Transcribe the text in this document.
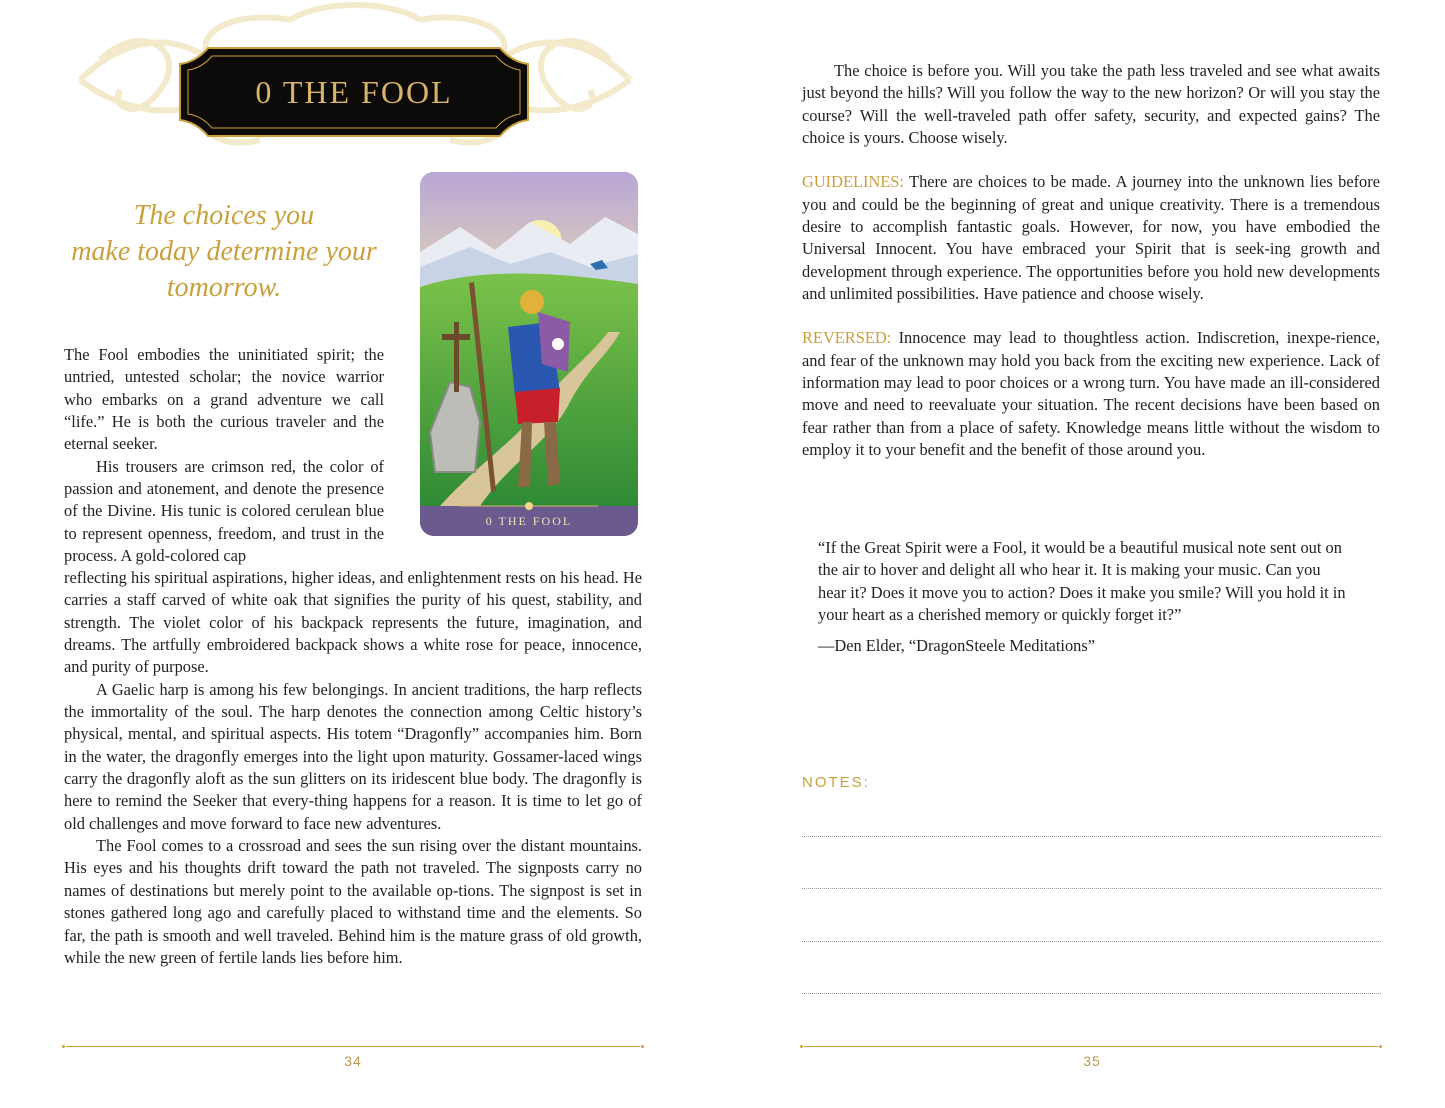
0 THE FOOL
The choices you
make today determine your
tomorrow.
0 THE FOOL

The Fool embodies the uninitiated spirit; the untried, untested scholar; the novice warrior who embarks on a grand adventure we call “life.” He is both the curious traveler and the eternal seeker.

His trousers are crimson red, the color of passion and atonement, and denote the presence of the Divine. His tunic is colored cerulean blue to represent openness, freedom, and trust in the process. A gold-colored cap

reflecting his spiritual aspirations, higher ideas, and enlightenment rests on his head. He carries a staff carved of white oak that signifies the purity of his quest, stability, and strength. The violet color of his backpack represents the future, imagination, and dreams. The artfully embroidered backpack shows a white rose for peace, innocence, and purity of purpose.

A Gaelic harp is among his few belongings. In ancient traditions, the harp reflects the immortality of the soul. The harp denotes the connection among Celtic history’s physical, mental, and spiritual aspects. His totem “Dragonfly” accompanies him. Born in the water, the dragonfly emerges into the light upon maturity. Gossamer-laced wings carry the dragonfly aloft as the sun glitters on its iridescent blue body. The dragonfly is here to remind the Seeker that every-thing happens for a reason. It is time to let go of old challenges and move forward to face new adventures.

The Fool comes to a crossroad and sees the sun rising over the distant mountains. His eyes and his thoughts drift toward the path not traveled. The signposts carry no names of destinations but merely point to the available op-tions. The signpost is set in stones gathered long ago and carefully placed to withstand time and the elements. So far, the path is smooth and well traveled. Behind him is the mature grass of old growth, while the new green of fertile lands lies before him.

34

The choice is before you. Will you take the path less traveled and see what awaits just beyond the hills? Will you follow the way to the new horizon? Or will you stay the course? Will the well-traveled path offer safety, security, and expected gains? The choice is yours. Choose wisely.

GUIDELINES: There are choices to be made. A journey into the unknown lies before you and could be the beginning of great and unique creativity. There is a tremendous desire to accomplish fantastic goals. However, for now, you have embodied the Universal Innocent. You have embraced your Spirit that is seek-ing growth and development through experience. The opportunities before you hold new developments and unlimited possibilities. Have patience and choose wisely.

REVERSED: Innocence may lead to thoughtless action. Indiscretion, inexpe-rience, and fear of the unknown may hold you back from the exciting new experience. Lack of information may lead to poor choices or a wrong turn. You have made an ill-considered move and need to reevaluate your situation. The recent decisions have been based on fear rather than from a place of safety. Knowledge means little without the wisdom to employ it to your benefit and the benefit of those around you.

“If the Great Spirit were a Fool, it would be a beautiful musical note sent out on the air to hover and delight all who hear it. It is making your music. Can you hear it? Does it move you to action? Does it make you smile? Will you hold it in your heart as a cherished memory or quickly forget it?”
—Den Elder, “DragonSteele Meditations”
NOTES:
35
